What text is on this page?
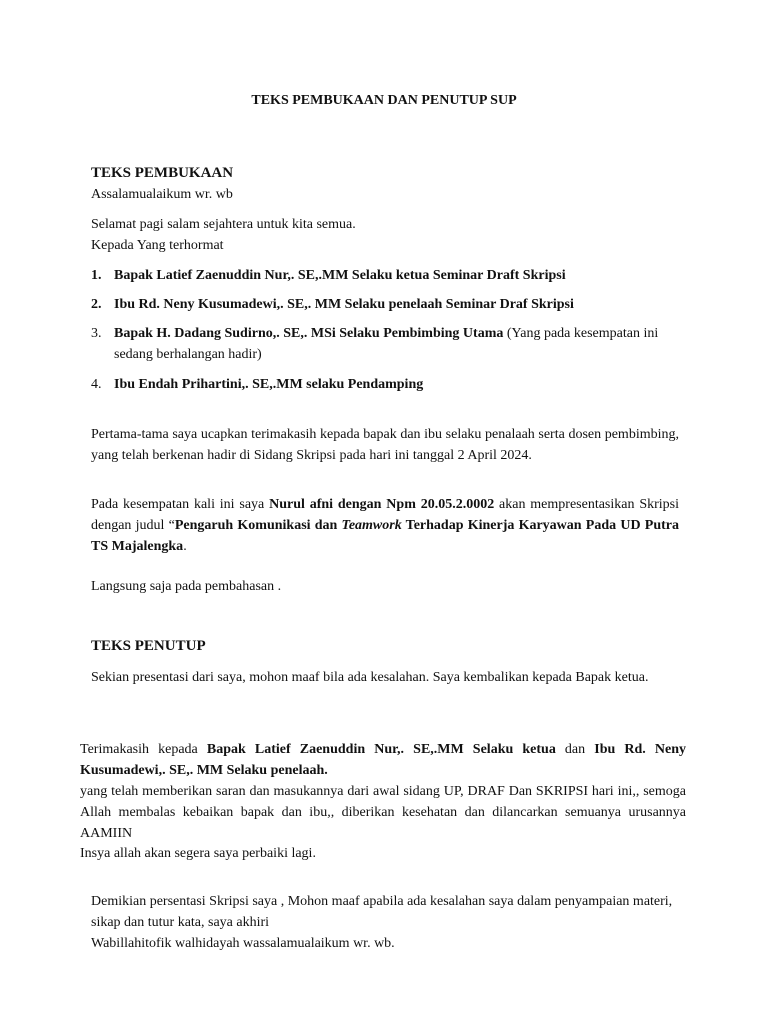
TEKS PEMBUKAAN DAN PENUTUP SUP
TEKS PEMBUKAAN
Assalamualaikum wr. wb
Selamat pagi salam sejahtera untuk kita semua.
Kepada Yang terhormat
1. Bapak Latief Zaenuddin Nur,. SE,.MM Selaku ketua Seminar Draft Skripsi
2. Ibu Rd. Neny Kusumadewi,. SE,. MM Selaku penelaah Seminar Draf Skripsi
3. Bapak H. Dadang Sudirno,. SE,. MSi Selaku Pembimbing Utama (Yang pada kesempatan ini sedang berhalangan hadir)
4. Ibu Endah Prihartini,. SE,.MM selaku Pendamping
Pertama-tama saya ucapkan terimakasih kepada bapak dan ibu selaku penalaah serta dosen pembimbing, yang telah berkenan hadir di Sidang Skripsi pada hari ini tanggal 2 April 2024.
Pada kesempatan kali ini saya Nurul afni dengan Npm 20.05.2.0002 akan mempresentasikan Skripsi dengan judul “Pengaruh Komunikasi dan Teamwork Terhadap Kinerja Karyawan Pada UD Putra TS Majalengka.
Langsung saja pada pembahasan .
TEKS PENUTUP
Sekian presentasi dari saya, mohon maaf bila ada kesalahan. Saya kembalikan kepada Bapak ketua.
Terimakasih kepada Bapak Latief Zaenuddin Nur,. SE,.MM Selaku ketua dan Ibu Rd. Neny Kusumadewi,. SE,. MM Selaku penelaah.
yang telah memberikan saran dan masukannya dari awal sidang UP, DRAF Dan SKRIPSI hari ini,, semoga Allah membalas kebaikan bapak dan ibu,, diberikan kesehatan dan dilancarkan semuanya urusannya AAMIIN
Insya allah akan segera saya perbaiki lagi.
Demikian persentasi Skripsi saya , Mohon maaf apabila ada kesalahan saya dalam penyampaian materi, sikap dan tutur kata, saya akhiri
Wabillahitofik walhidayah wassalamualaikum wr. wb.
